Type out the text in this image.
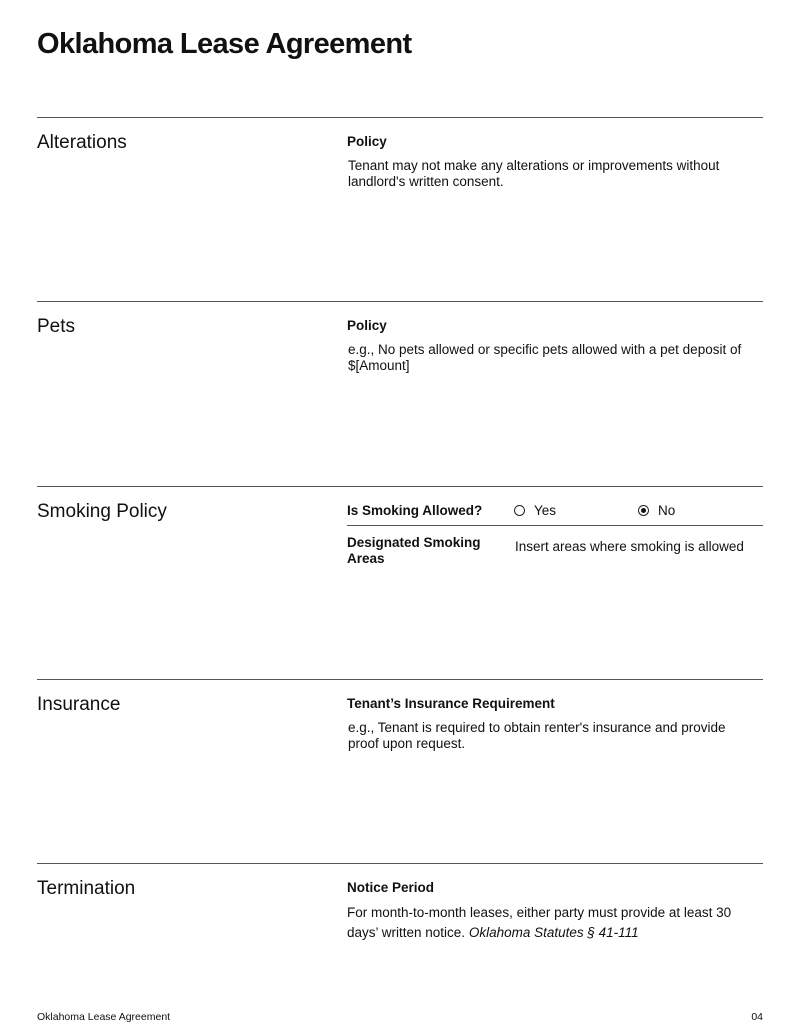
Oklahoma Lease Agreement
Alterations	Policy
Tenant may not make any alterations or improvements without landlord's written consent.
Pets	Policy
e.g., No pets allowed or specific pets allowed with a pet deposit of $[Amount]
Smoking Policy	Is Smoking Allowed?	Yes	No
Designated Smoking Areas
Insert areas where smoking is allowed
Insurance	Tenant’s Insurance Requirement
e.g., Tenant is required to obtain renter's insurance and provide proof upon request.
Termination	Notice Period
For month-to-month leases, either party must provide at least 30 days’ written notice. Oklahoma Statutes § 41-111
Oklahoma Lease Agreement	04
